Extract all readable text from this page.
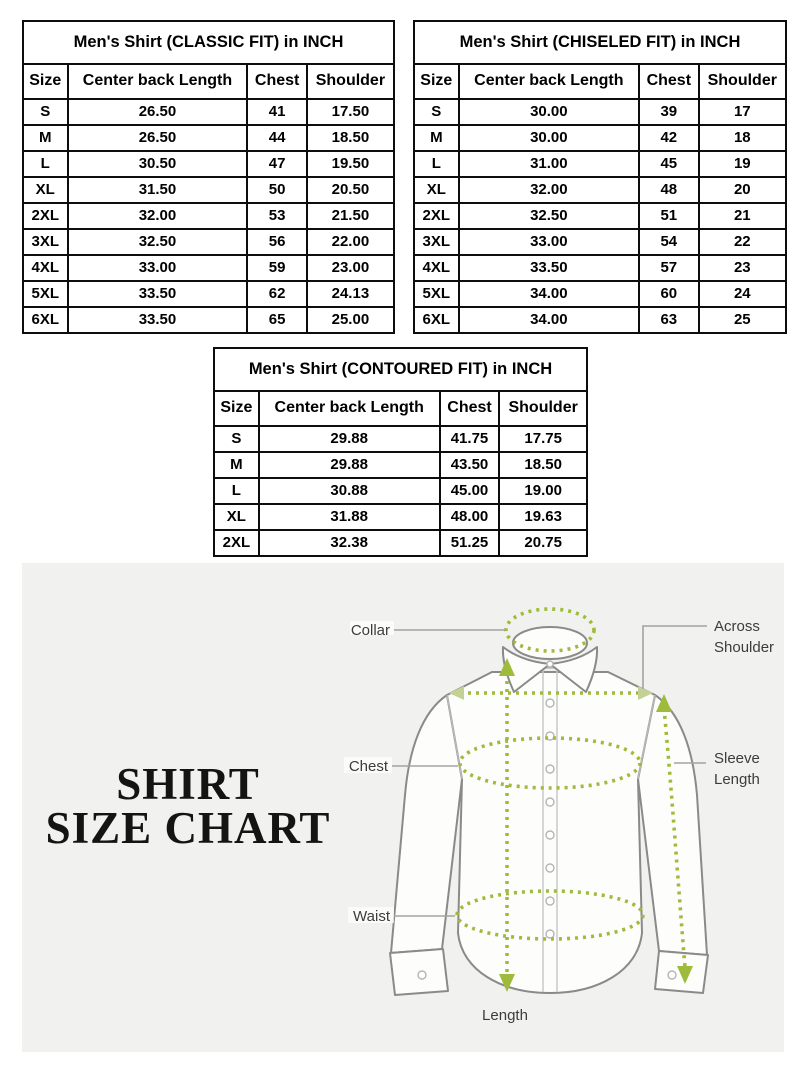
Men's Shirt (CLASSIC FIT) in INCH			
Size	Center back Length	Chest	Shoulder
S	26.50	41	17.50
M	26.50	44	18.50
L	30.50	47	19.50
XL	31.50	50	20.50
2XL	32.00	53	21.50
3XL	32.50	56	22.00
4XL	33.00	59	23.00
5XL	33.50	62	24.13
6XL	33.50	65	25.00
Men's Shirt (CHISELED FIT) in INCH			
Size	Center back Length	Chest	Shoulder
S	30.00	39	17
M	30.00	42	18
L	31.00	45	19
XL	32.00	48	20
2XL	32.50	51	21
3XL	33.00	54	22
4XL	33.50	57	23
5XL	34.00	60	24
6XL	34.00	63	25
Men's Shirt (CONTOURED FIT) in INCH			
Size	Center back Length	Chest	Shoulder
S	29.88	41.75	17.75
M	29.88	43.50	18.50
L	30.88	45.00	19.00
XL	31.88	48.00	19.63
2XL	32.38	51.25	20.75
Collar
Chest
Waist
Length
Across Shoulder
Sleeve Length
SHIRT
SIZE CHART
